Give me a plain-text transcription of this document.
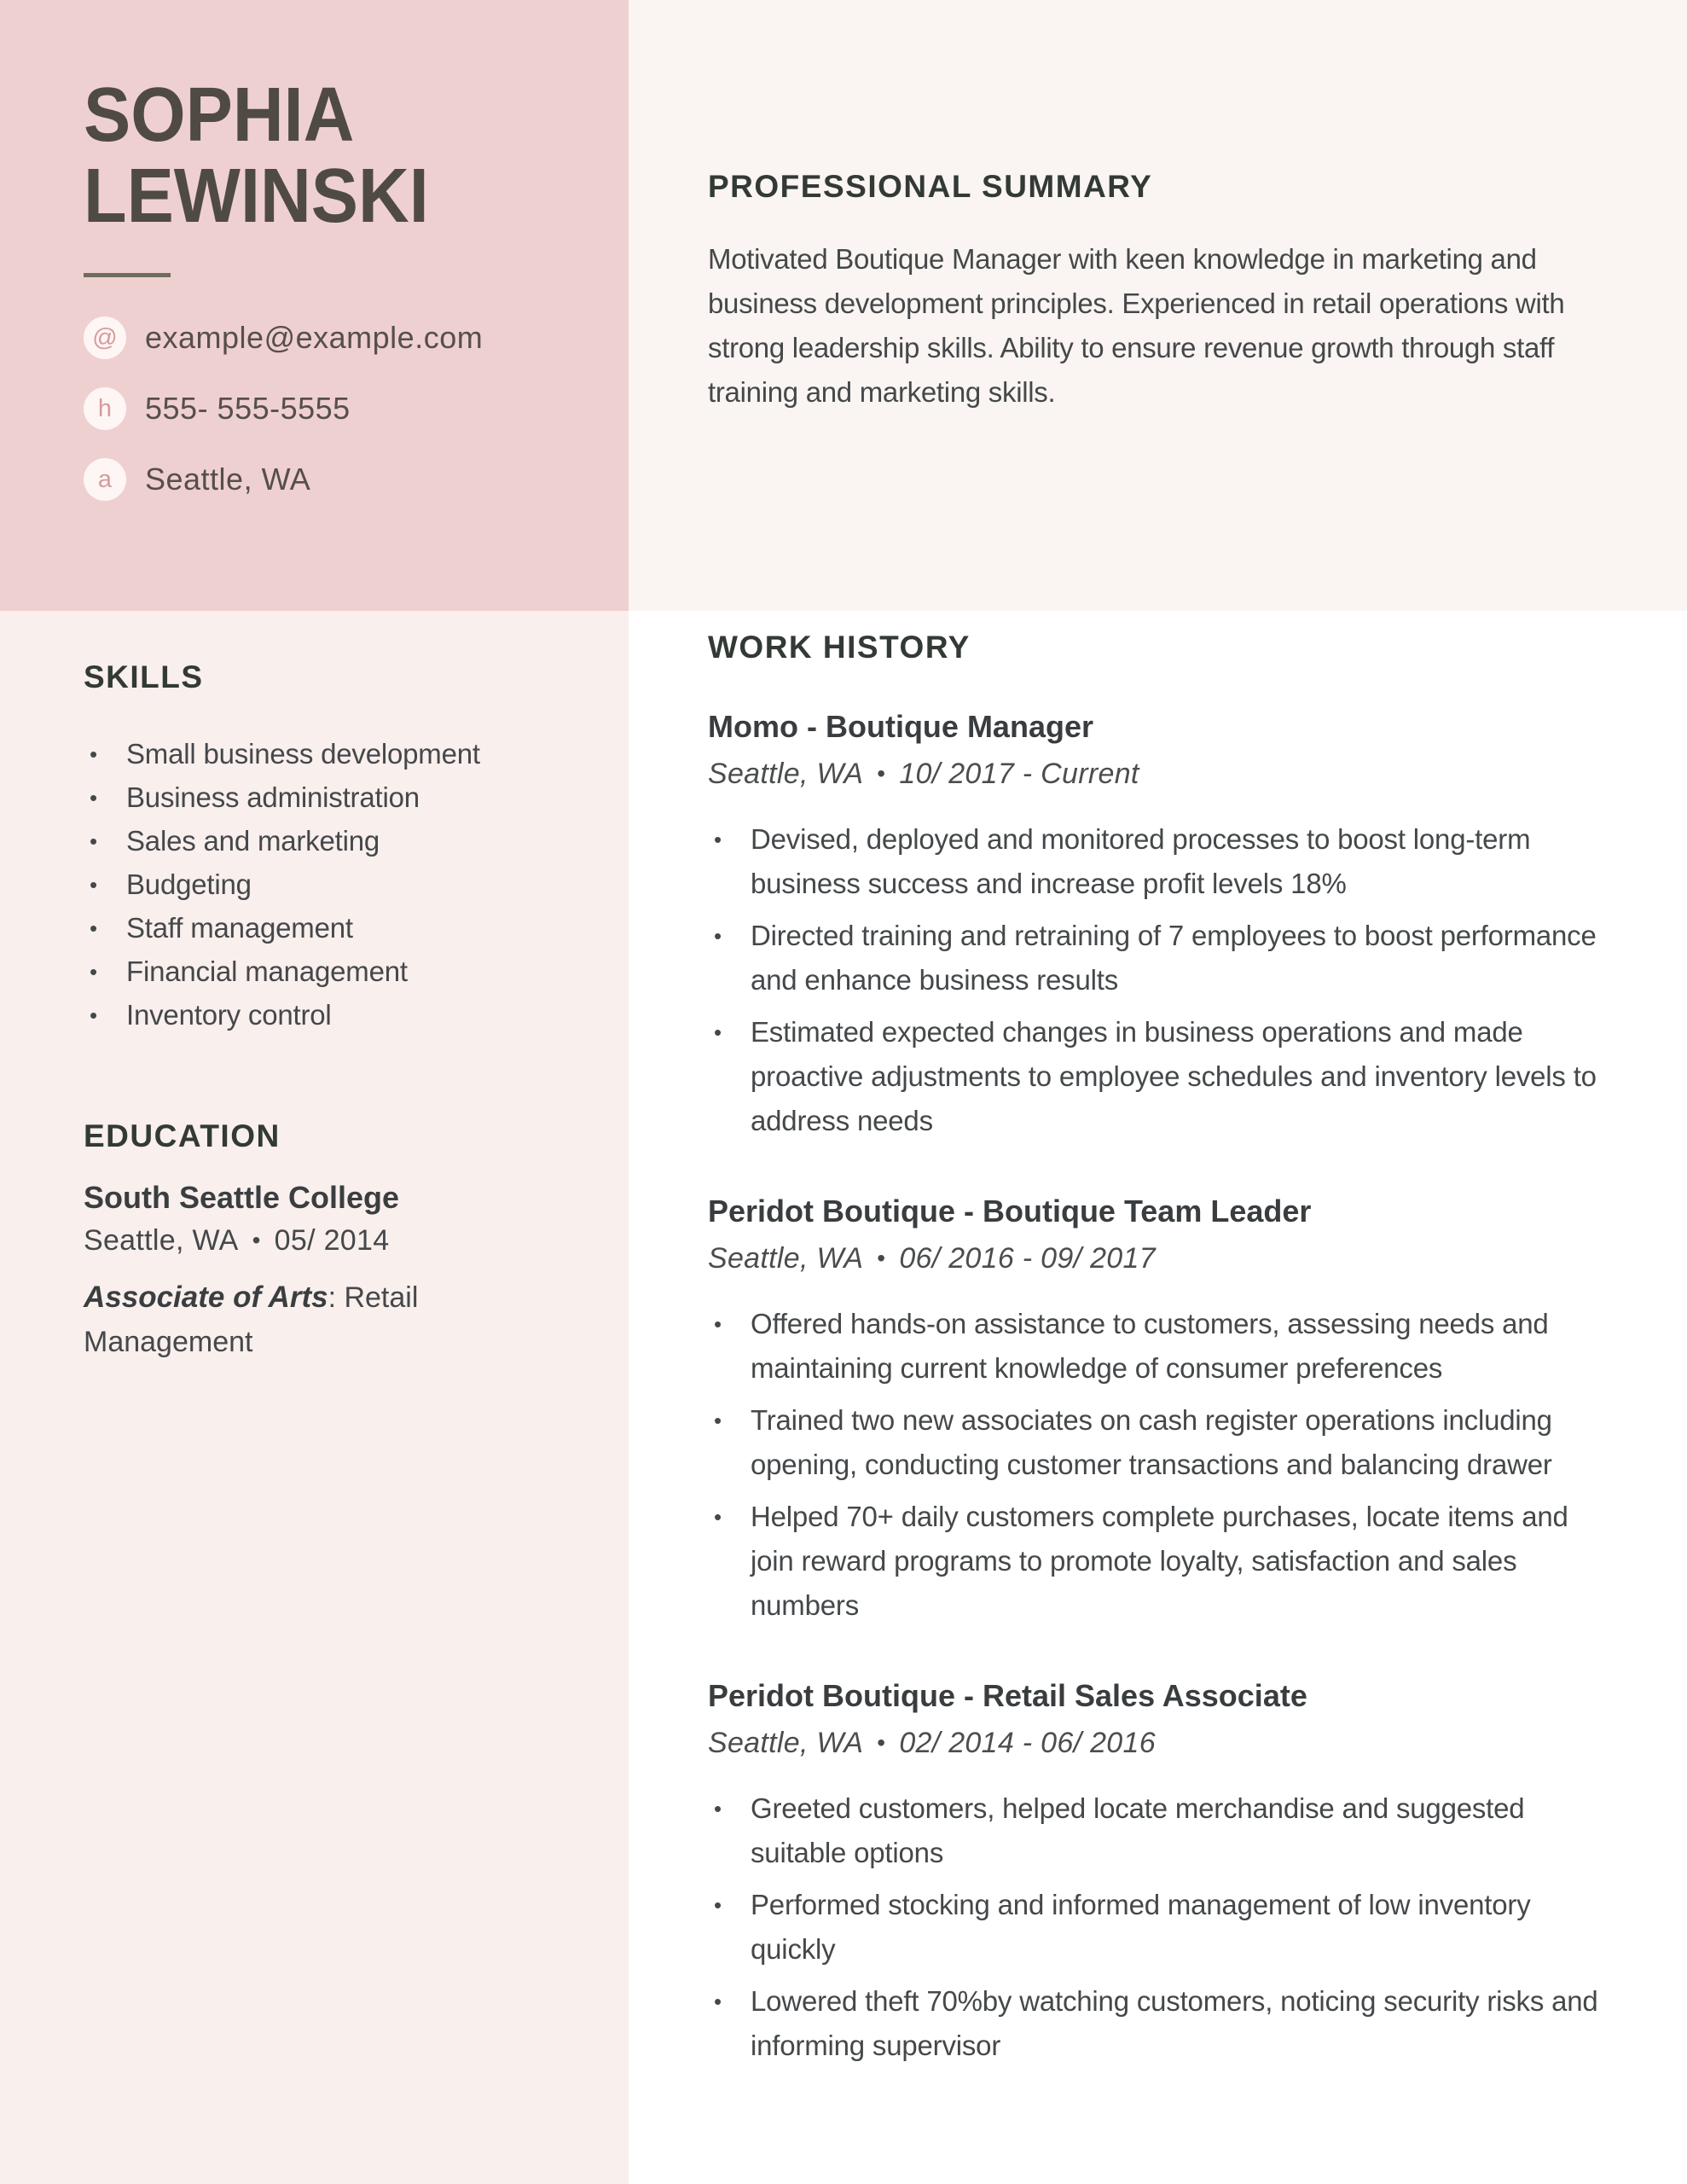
SOPHIA
LEWINSKI
@ example@example.com
h	555- 555-5555
a	Seattle, WA
SKILLS
•	Small business development
•	Business administration
•	Sales and marketing
•	Budgeting
•	Staff management
•	Financial management
•	Inventory control
EDUCATION

South Seattle College

Seattle, WA • 05/ 2014

Associate of Arts: Retail Management

PROFESSIONAL SUMMARY

Motivated Boutique Manager with keen knowledge in marketing and business development principles. Experienced in retail operations with strong leadership skills. Ability to ensure revenue growth through staff training and marketing skills.

WORK HISTORY
Momo - Boutique Manager

Seattle, WA • 10/ 2017 - Current

•	Devised, deployed and monitored processes to boost long-term business success and increase profit levels 18%
•	Directed training and retraining of 7 employees to boost performance and enhance business results
•	Estimated expected changes in business operations and made proactive adjustments to employee schedules and inventory levels to address needs
Peridot Boutique - Boutique Team Leader

Seattle, WA • 06/ 2016 - 09/ 2017

•	Offered hands-on assistance to customers, assessing needs and maintaining current knowledge of consumer preferences
•	Trained two new associates on cash register operations including opening, conducting customer transactions and balancing drawer
•	Helped 70+ daily customers complete purchases, locate items and join reward programs to promote loyalty, satisfaction and sales numbers
Peridot Boutique - Retail Sales Associate

Seattle, WA • 02/ 2014 - 06/ 2016

•	Greeted customers, helped locate merchandise and suggested suitable options
•	Performed stocking and informed management of low inventory quickly
•	Lowered theft 70%by watching customers, noticing security risks and informing supervisor
